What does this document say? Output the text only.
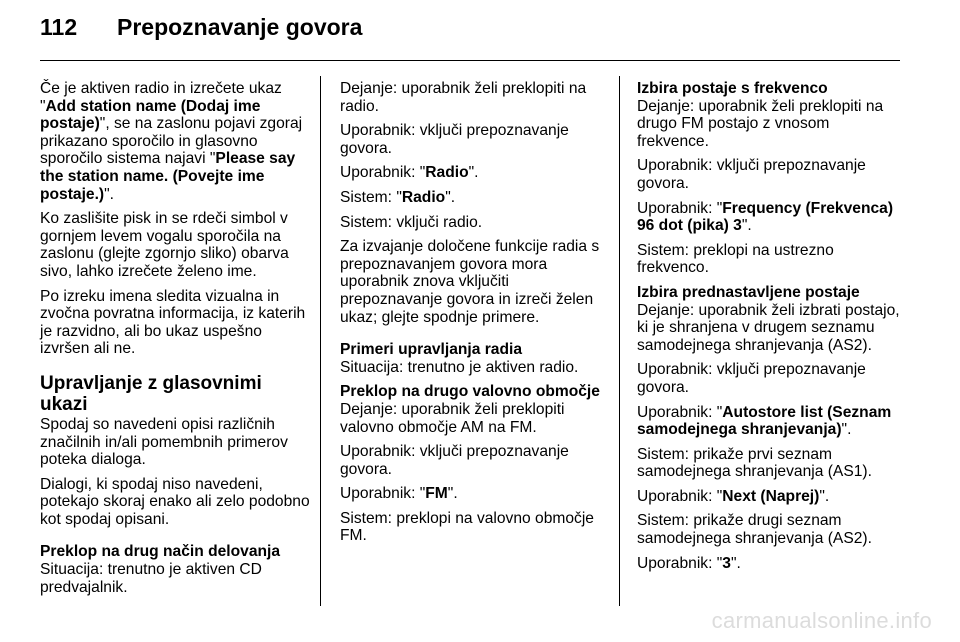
112 Prepoznavanje govora

Če je aktiven radio in izrečete ukaz "Add station name (Dodaj ime postaje)", se na zaslonu pojavi zgoraj prikazano sporočilo in glasovno sporočilo sistema najavi "Please say the station name. (Povejte ime postaje.)".

Ko zaslišite pisk in se rdeči simbol v gornjem levem vogalu sporočila na zaslonu (glejte zgornjo sliko) obarva sivo, lahko izrečete želeno ime.

Po izreku imena sledita vizualna in zvočna povratna informacija, iz katerih je razvidno, ali bo ukaz uspešno izvršen ali ne.

Upravljanje z glasovnimi ukazi

Spodaj so navedeni opisi različnih značilnih in/ali pomembnih primerov poteka dialoga.

Dialogi, ki spodaj niso navedeni, potekajo skoraj enako ali zelo podobno kot spodaj opisani.

Preklop na drug način delovanja

Situacija: trenutno je aktiven CD predvajalnik.

Dejanje: uporabnik želi preklopiti na radio.

Uporabnik: vključi prepoznavanje govora.

Uporabnik: "Radio".

Sistem: "Radio".

Sistem: vključi radio.

Za izvajanje določene funkcije radia s prepoznavanjem govora mora uporabnik znova vključiti prepoznavanje govora in izreči želen ukaz; glejte spodnje primere.

Primeri upravljanja radia

Situacija: trenutno je aktiven radio.

Preklop na drugo valovno območje

Dejanje: uporabnik želi preklopiti valovno območje AM na FM.

Uporabnik: vključi prepoznavanje govora.

Uporabnik: "FM".

Sistem: preklopi na valovno območje FM.

Izbira postaje s frekvenco

Dejanje: uporabnik želi preklopiti na drugo FM postajo z vnosom frekvence.

Uporabnik: vključi prepoznavanje govora.

Uporabnik: "Frequency (Frekvenca) 96 dot (pika) 3".

Sistem: preklopi na ustrezno frekvenco.

Izbira prednastavljene postaje

Dejanje: uporabnik želi izbrati postajo, ki je shranjena v drugem seznamu samodejnega shranjevanja (AS2).

Uporabnik: vključi prepoznavanje govora.

Uporabnik: "Autostore list (Seznam samodejnega shranjevanja)".

Sistem: prikaže prvi seznam samodejnega shranjevanja (AS1).

Uporabnik: "Next (Naprej)".

Sistem: prikaže drugi seznam samodejnega shranjevanja (AS2).

Uporabnik: "3".

carmanualsonline.info
